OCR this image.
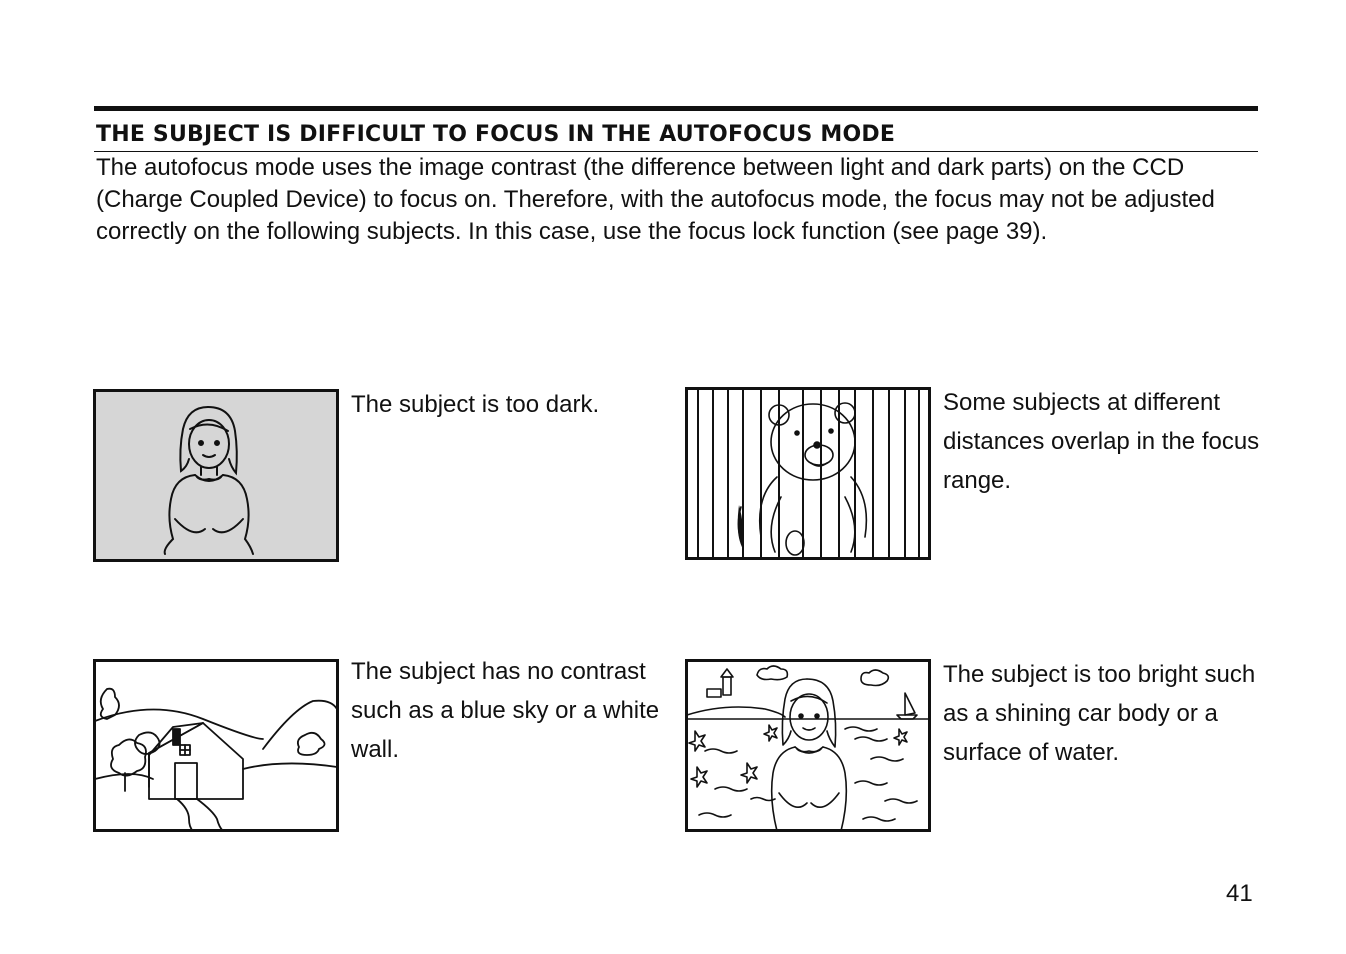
THE SUBJECT IS DIFFICULT TO FOCUS IN THE AUTOFOCUS MODE

The autofocus mode uses the image contrast (the difference between light and dark parts) on the CCD (Charge Coupled Device) to focus on. Therefore, with the autofocus mode, the focus may not be adjusted correctly on the following subjects. In this case, use the focus lock function (see page 39).

The subject is too dark.	Some subjects at different distances overlap in the focus range.

The subject has no contrast such as a blue sky or a white wall.

The subject is too bright such as a shining car body or a surface of water.

41
